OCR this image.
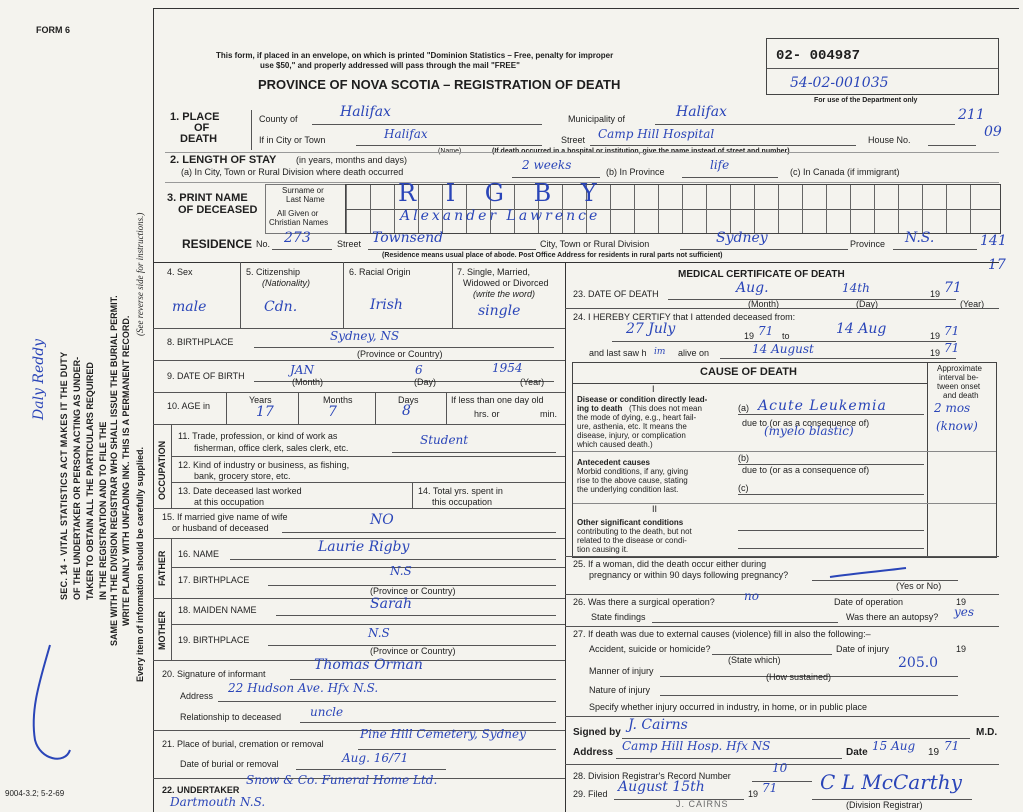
FORM 6
9004-3.2; 5-2-69
This form, if placed in an envelope, on which is printed "Dominion Statistics – Free, penalty for improper
use $50," and properly addressed will pass through the mail "FREE"
PROVINCE OF NOVA SCOTIA – REGISTRATION OF DEATH
02- 004987
54-02-001035
For use of the Department only
211
09
141
17
SEC. 14 - VITAL STATISTICS ACT MAKES IT THE DUTY OF THE UNDERTAKER OR PERSON ACTING AS UNDER- TAKER TO OBTAIN ALL THE PARTICULARS REQUIRED IN THE REGISTRATION AND TO FILE THE SAME WITH THE DIVISION REGISTRAR WHO SHALL ISSUE THE BURIAL PERMIT. WRITE PLAINLY WITH UNFADING INK. THIS IS A PERMANENT RECORD.
(See reverse side for instructions.)
Every item of information should be carefully supplied.
Daly Reddy
1. PLACE
OF
DEATH
County of	Halifax	Municipality of	Halifax
If in City or Town	Halifax
(Name)
Street Camp Hill Hospital	House No.
(If death occurred in a hospital or institution, give the name instead of street and number)
2. LENGTH OF STAY (in years, months and days)
(a) In City, Town or Rural Division where death occurred	2 weeks	(b) In Province	life	(c) In Canada (if immigrant)
3. PRINT NAME
OF DECEASED
Surname or
Last Name
All Given or
Christian Names
R I G B Y
Alexander Lawrence
RESIDENCE No. 273	Street Townsend	City, Town or Rural Division	Sydney	Province N.S.
(Residence means usual place of abode. Post Office Address for residents in rural parts not sufficient)
4. Sex
male
5. Citizenship
(Nationality)
Cdn.
6. Racial Origin
Irish
7. Single, Married,
Widowed or Divorced
(write the word)
single
8. BIRTHPLACE	Sydney, NS
(Province or Country)
9. DATE OF BIRTH	JAN	6	1954
(Month)	(Day)	(Year)
10. AGE in
Years	Months	Days
17	7	8
If less than one day old
hrs. or	min.
OCCUPATION
11. Trade, profession, or kind of work as
fisherman, office clerk, sales clerk, etc.
Student
12. Kind of industry or business, as fishing,
bank, grocery store, etc.
13. Date deceased last worked
at this occupation
14. Total yrs. spent in
this occupation
15. If married give name of wife
or husband of deceased	NO
FATHER 16. NAME	Laurie Rigby
17. BIRTHPLACE
N.S
(Province or Country)
MOTHER
18. MAIDEN NAME	Sarah
19. BIRTHPLACE	N.S
(Province or Country)
20. Signature of informant
Thomas Orman
Address
22 Hudson Ave. Hfx N.S.
Relationship to deceased uncle
21. Place of burial, cremation or removal
Pine Hill Cemetery, Sydney
Date of burial or removal	Aug. 16/71
22. UNDERTAKER
Snow & Co. Funeral Home Ltd.
Dartmouth N.S.
MEDICAL CERTIFICATE OF DEATH
23. DATE OF DEATH	Aug.	14th	19 71
(Month)	(Day)	(Year)
24. I HEREBY CERTIFY that I attended deceased from:
27 July	19 71 to	14 Aug	19 71
and last saw h im alive on	14 August	19 71
CAUSE OF DEATH	Approximate
interval be-
tween onset
and death
I
Disease or condition directly lead-
ing to death (This does not mean
the mode of dying, e.g., heart fail-
ure, asthenia, etc. It means the
disease, injury, or complication
which caused death.)
(a) Acute Leukemia
due to (or as a consequence of)
(myelo blastic)
2 mos
(know)
Antecedent causes
Morbid conditions, if any, giving
rise to the above cause, stating
the underlying condition last.
(b)
due to (or as a consequence of)
(c)
II
Other significant conditions
contributing to the death, but not
related to the disease or condi-
tion causing it.
25. If a woman, did the death occur either during
pregnancy or within 90 days following pregnancy?
(Yes or No)
26. Was there a surgical operation? no	Date of operation	19
State findings	Was there an autopsy? yes
27. If death was due to external causes (violence) fill in also the following:–
Accident, suicide or homicide?	Date of injury	19
(State which)	205.0
Manner of injury
(How sustained)
Nature of injury
Specify whether injury occurred in industry, in home, or in public place
Signed by J. Cairns	M.D.
Address Camp Hill Hosp. Hfx NS	Date 15 Aug 19 71
28. Division Registrar's Record Number
10
29. Filed August 15th	19 71
J. CAIRNS
C L McCarthy
(Division Registrar)
